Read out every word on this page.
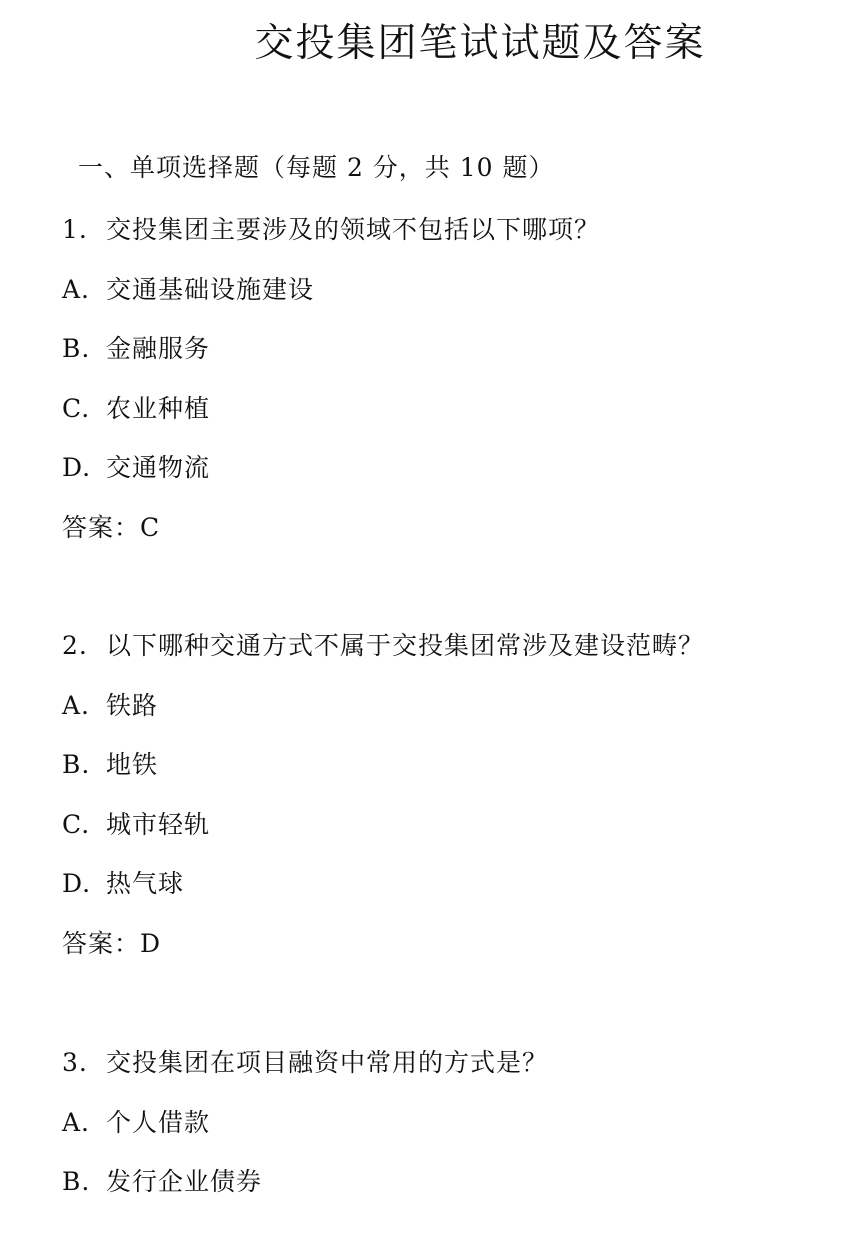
交投集团笔试试题及答案
一、单项选择题（每题 2 分，共 10 题）
1. 交投集团主要涉及的领域不包括以下哪项？
A. 交通基础设施建设
B. 金融服务
C. 农业种植
D. 交通物流
答案：C
2. 以下哪种交通方式不属于交投集团常涉及建设范畴？
A. 铁路
B. 地铁
C. 城市轻轨
D. 热气球
答案：D
3. 交投集团在项目融资中常用的方式是？
A. 个人借款
B. 发行企业债券
